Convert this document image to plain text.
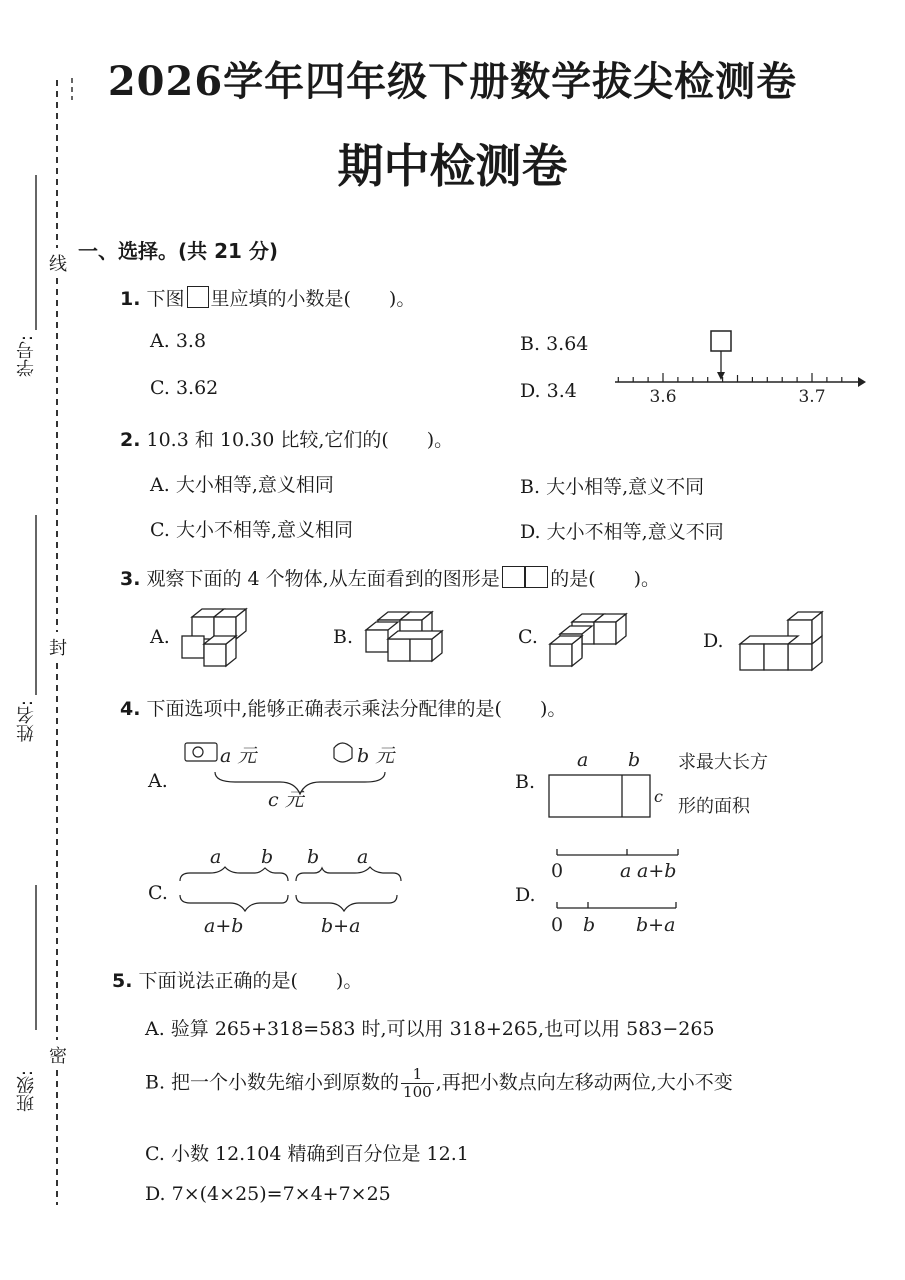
2026学年四年级下册数学拔尖检测卷
期中检测卷
学号:
姓名:
班级:
线
封
密
一、选择。(共 21 分)
1. 下图 里应填的小数是(　　)。
A. 3.8	B. 3.64
C. 3.62	D. 3.4	3.6	3.7
2. 10.3 和 10.30 比较,它们的(　　)。
A. 大小相等,意义相同	B. 大小相等,意义不同
C. 大小不相等,意义相同	D. 大小不相等,意义不同
3. 观察下面的 4 个物体,从左面看到的图形是	的是(　　)。
A.	B.	C.	D.
4. 下面选项中,能够正确表示乘法分配律的是(　　)。
A.
C.
B.
D.
a 元	b 元
c 元
a b
c
求最大长方
形的面积
a b b a
a+b	b+a
0	a a+b
0 b b+a
5. 下面说法正确的是(　　)。
A. 验算 265+318=583 时,可以用 318+265,也可以用 583−265
B. 把一个小数先缩小到原数的 $\frac{1}{100}$ ,再把小数点向左移动两位,大小不变
C. 小数 12.104 精确到百分位是 12.1
D. 7×(4×25)=7×4+7×25
